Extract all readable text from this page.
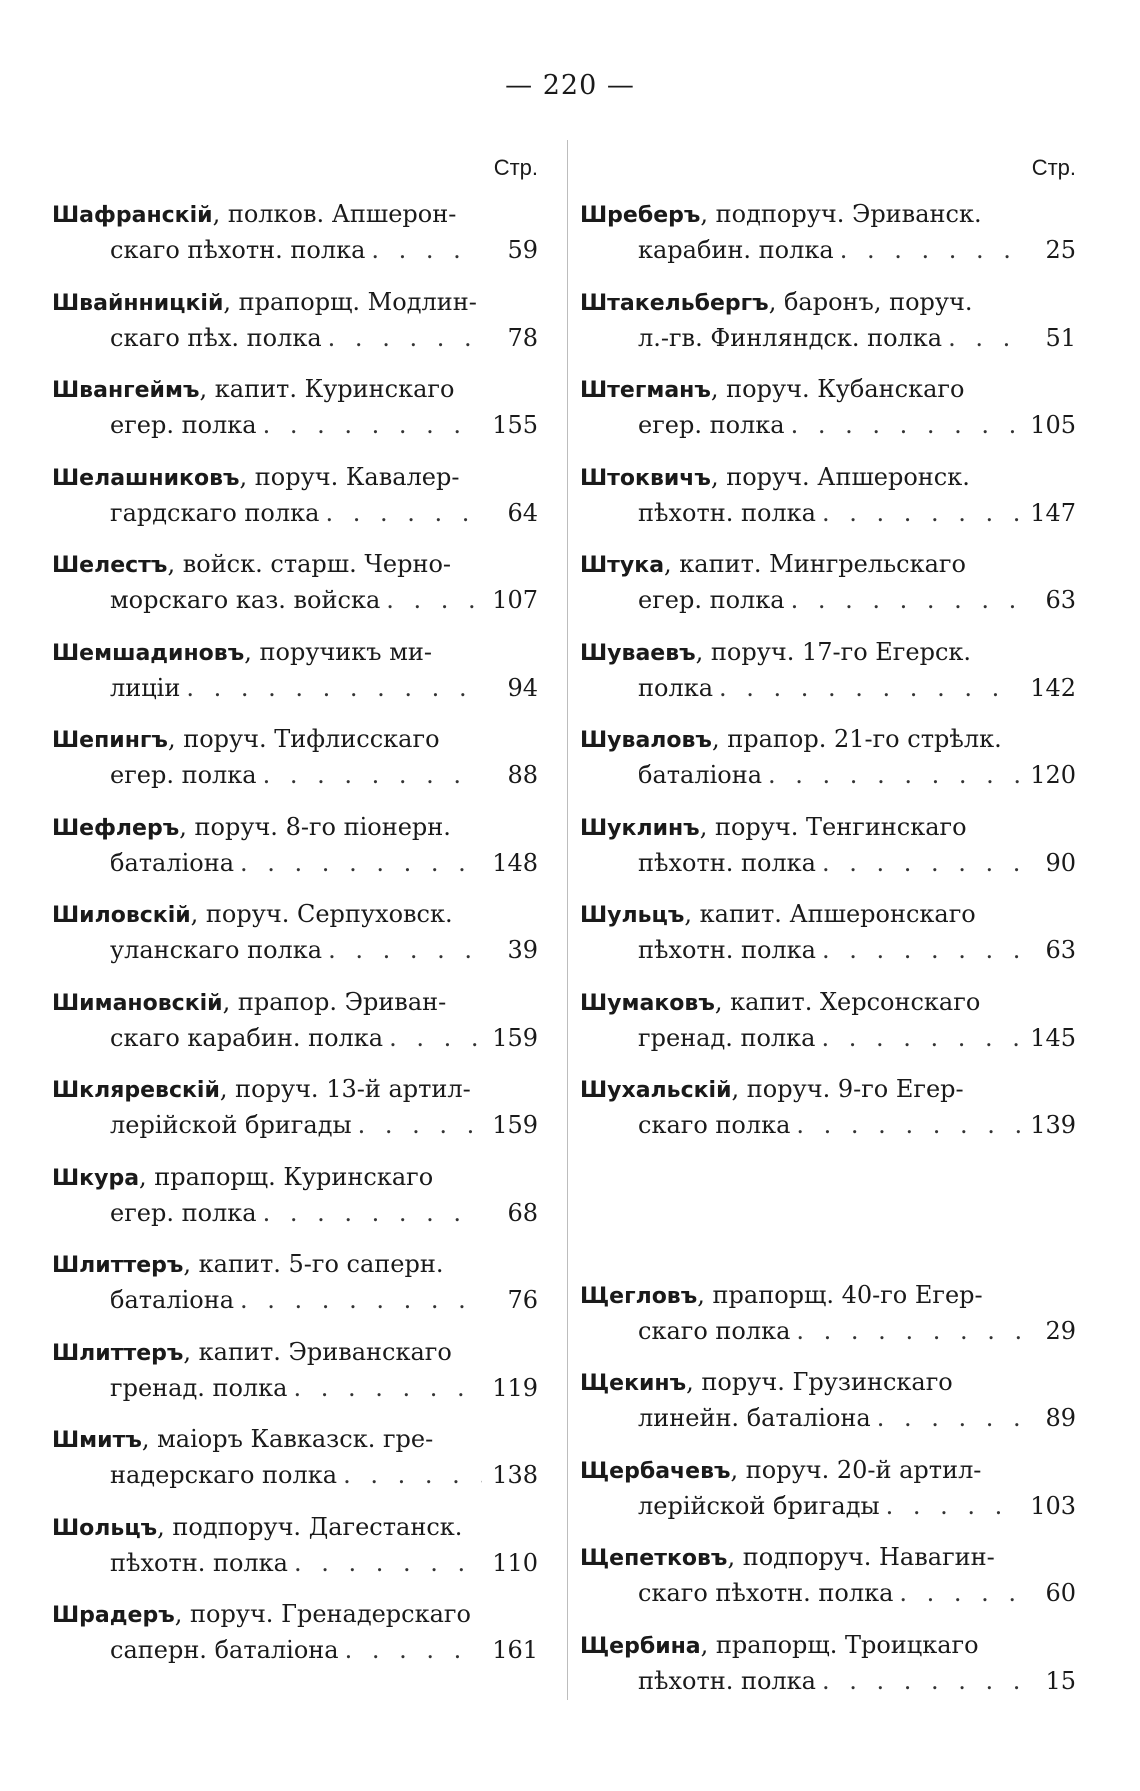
— 220 —
Стр.
Шафранскій, полков. Апшерон-
скаго пѣхотн. полка . . .	59
Швайнницкій, прапорщ. Модлин-
скаго пѣх. полка . . .	78
Швангеймъ, капит. Куринскаго
егер. полка . . .	155
Шелашниковъ, поруч. Кавалер-
гардскаго полка . . .	64
Шелестъ, войск. старш. Черно-
морскаго каз. войска . . .	107
Шемшадиновъ, поручикъ ми-
лиціи . . .	94
Шепингъ, поруч. Тифлисскаго
егер. полка . . .	88
Шефлеръ, поруч. 8-го піонерн.
баталіона . . .	148
Шиловскій, поруч. Серпуховск.
уланскаго полка . . .	39
Шимановскій, прапор. Эриван-
скаго карабин. полка . . .	159
Шкляревскій, поруч. 13-й артил-
лерійской бригады . . .	159
Шкура, прапорщ. Куринскаго
егер. полка . . .	68
Шлиттеръ, капит. 5-го саперн.
баталіона . . .	76
Шлиттеръ, капит. Эриванскаго
гренад. полка . . .	119
Шмитъ, маіоръ Кавказск. гре-
надерскаго полка . . .	138
Шольцъ, подпоруч. Дагестанск.
пѣхотн. полка . . .	110
Шрадеръ, поруч. Гренадерскаго
саперн. баталіона . . .	161
Стр.
Шреберъ, подпоруч. Эриванск.
карабин. полка . . .	25
Штакельбергъ, баронъ, поруч.
л.-гв. Финляндск. полка . . .	51
Штегманъ, поруч. Кубанскаго
егер. полка . . .	105
Штоквичъ, поруч. Апшеронск.
пѣхотн. полка . . .	147
Штука, капит. Мингрельскаго
егер. полка . . .	63
Шуваевъ, поруч. 17-го Егерск.
полка . . .	142
Шуваловъ, прапор. 21-го стрѣлк.
баталіона . . .	120
Шуклинъ, поруч. Тенгинскаго
пѣхотн. полка . . .	90
Шульцъ, капит. Апшеронскаго
пѣхотн. полка . . .	63
Шумаковъ, капит. Херсонскаго
гренад. полка . . .	145
Шухальскій, поруч. 9-го Егер-
скаго полка . . .	139
Щегловъ, прапорщ. 40-го Егер-
скаго полка . . .	29
Щекинъ, поруч. Грузинскаго
линейн. баталіона . . .	89
Щербачевъ, поруч. 20-й артил-
лерійской бригады . . .	103
Щепетковъ, подпоруч. Навагин-
скаго пѣхотн. полка . . .	60
Щербина, прапорщ. Троицкаго
пѣхотн. полка . . .	15
